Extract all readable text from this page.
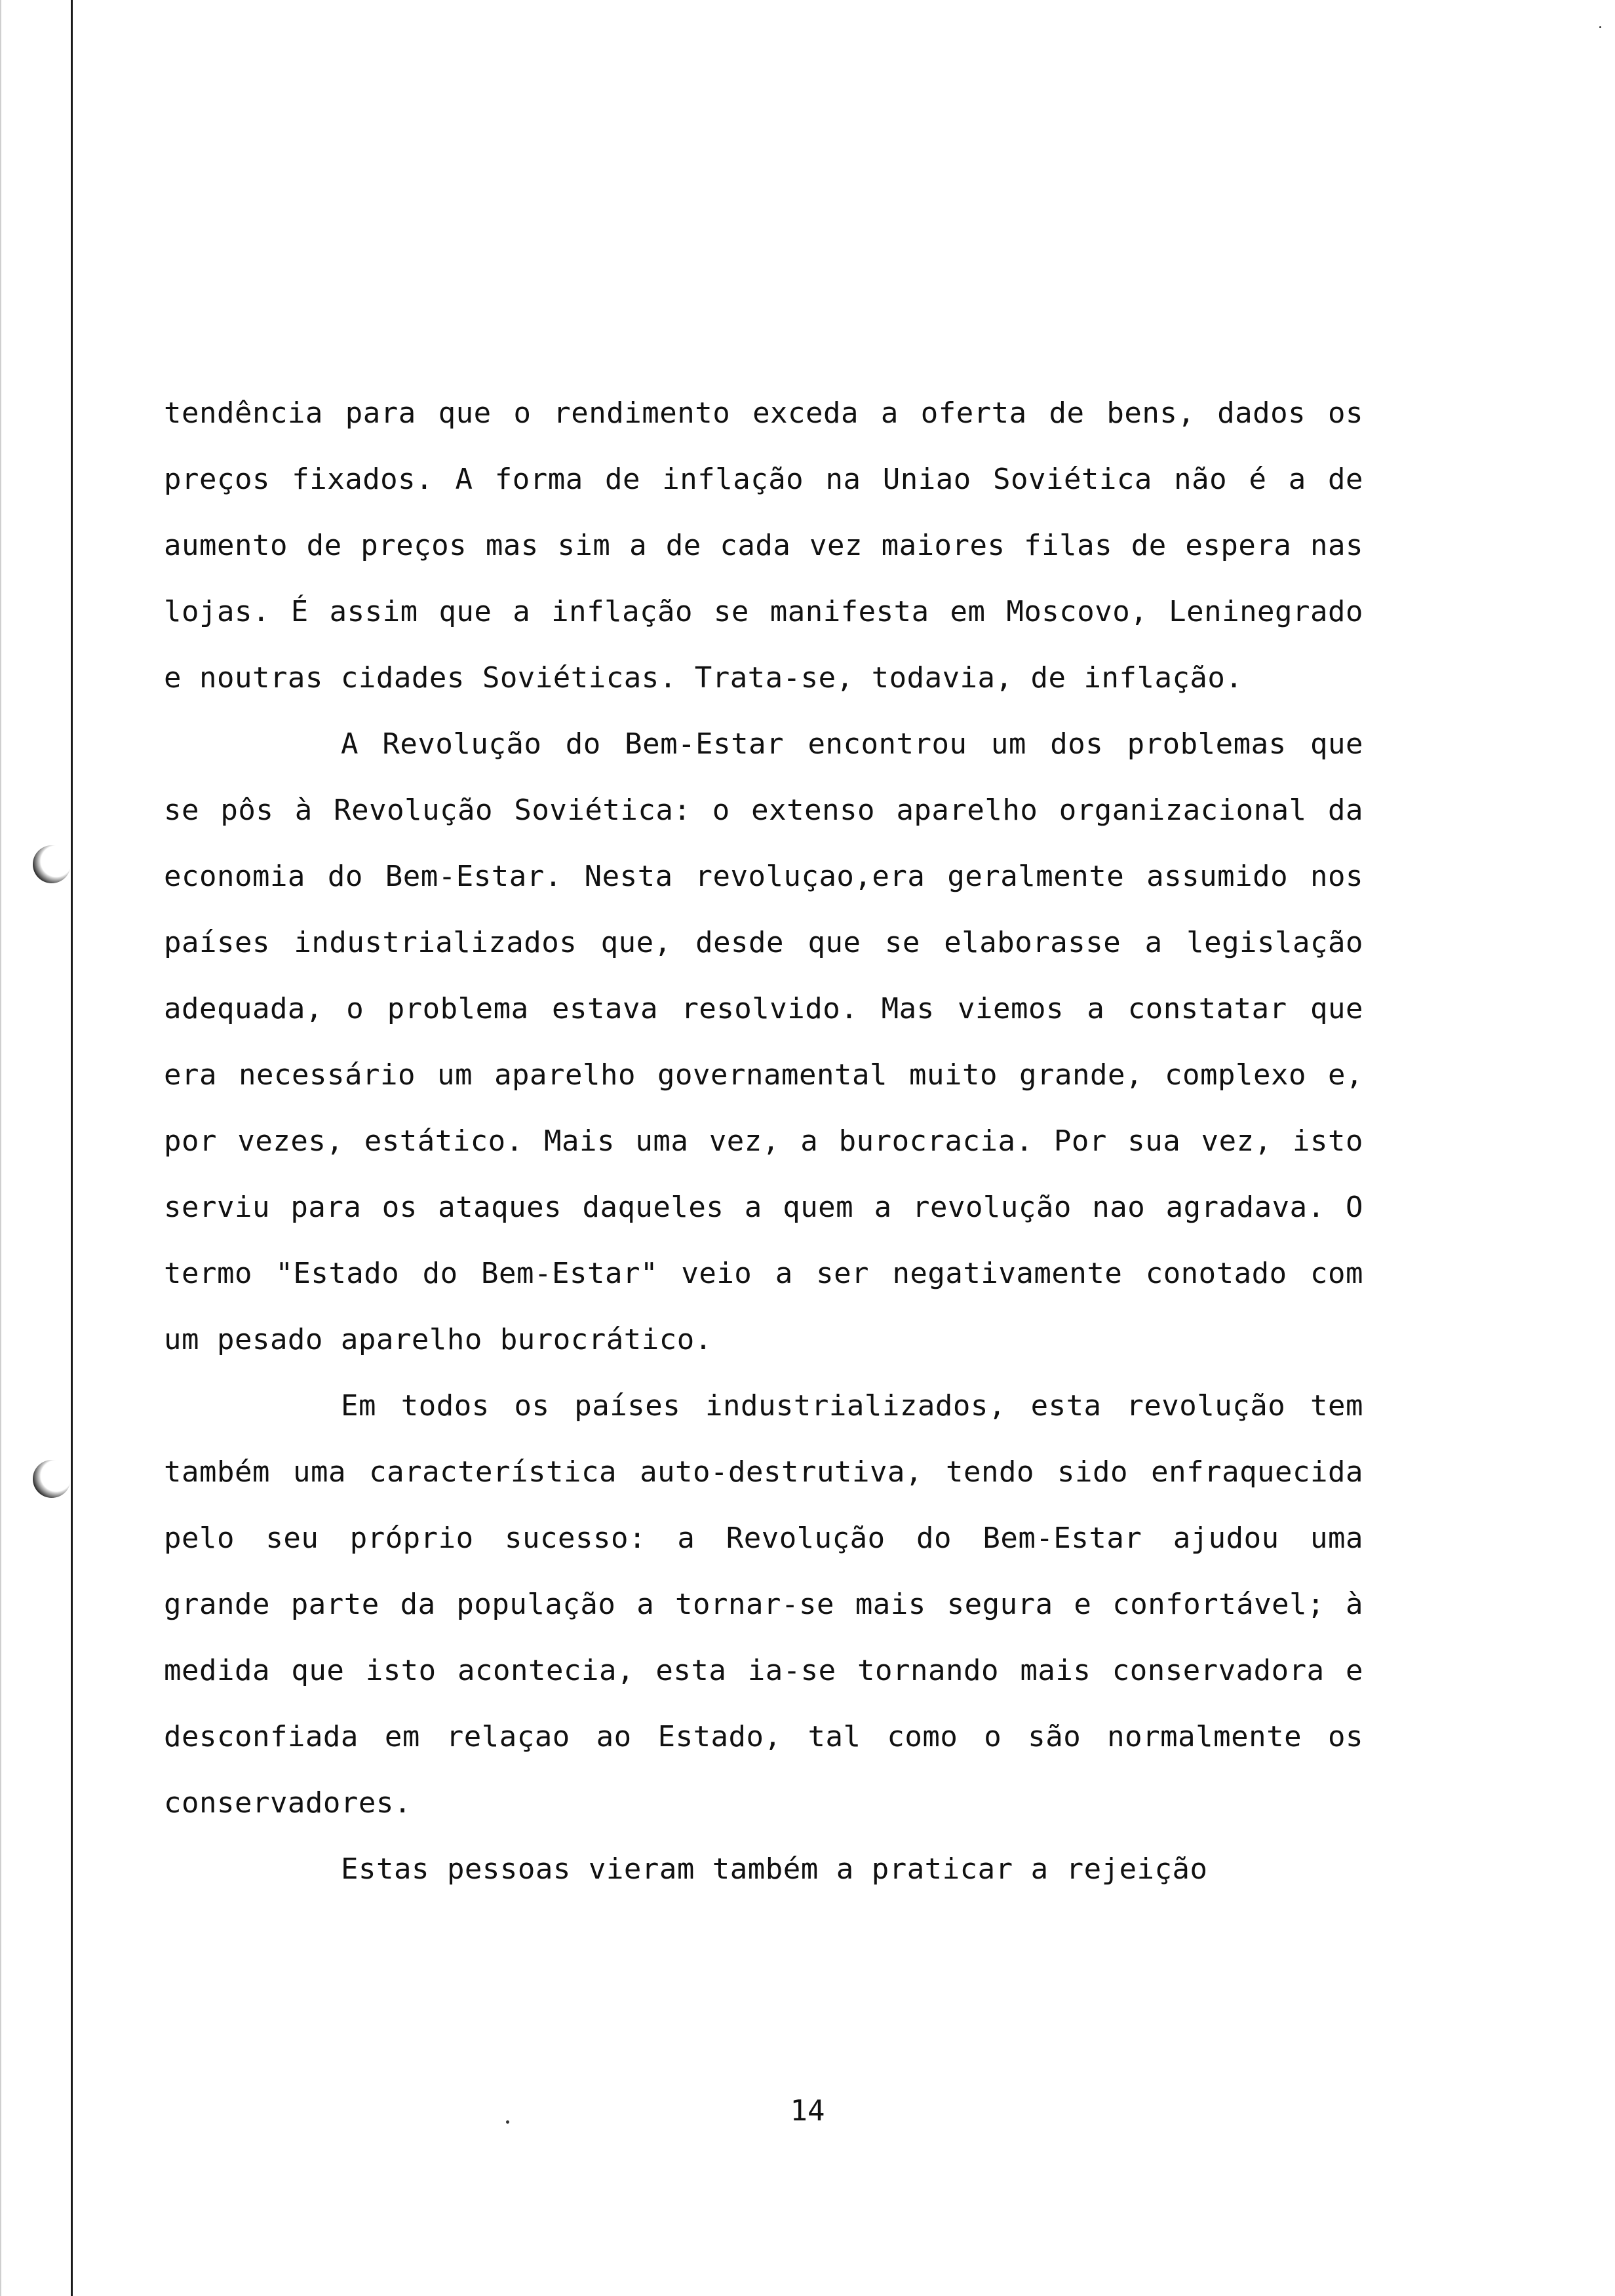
tendência para que o rendimento exceda a oferta de bens, dados os preços fixados. A forma de inflação na Uniao Soviética não é a de aumento de preços mas sim a de cada vez maiores filas de espera nas lojas. É assim que a inflação se manifesta em Moscovo, Leninegrado e noutras cidades Soviéticas. Trata-se, todavia, de inflação.

A Revolução do Bem-Estar encontrou um dos problemas que se pôs à Revolução Soviética: o extenso aparelho organizacional da economia do Bem-Estar. Nesta revoluçao,era geralmente assumido nos países industrializados que, desde que se elaborasse a legislação adequada, o problema estava resolvido. Mas viemos a constatar que era necessário um aparelho governamental muito grande, complexo e, por vezes, estático. Mais uma vez, a burocracia. Por sua vez, isto serviu para os ataques daqueles a quem a revolução nao agradava. O termo "Estado do Bem-Estar" veio a ser negativamente conotado com um pesado aparelho burocrático.

Em todos os países industrializados, esta revolução tem também uma característica auto-destrutiva, tendo sido enfraquecida pelo seu próprio sucesso: a Revolução do Bem-Estar ajudou uma grande parte da população a tornar-se mais segura e confortável; à medida que isto acontecia, esta ia-se tornando mais conservadora e desconfiada em relaçao ao Estado, tal como o são normalmente os conservadores.

Estas pessoas vieram também a praticar a rejeição

14
